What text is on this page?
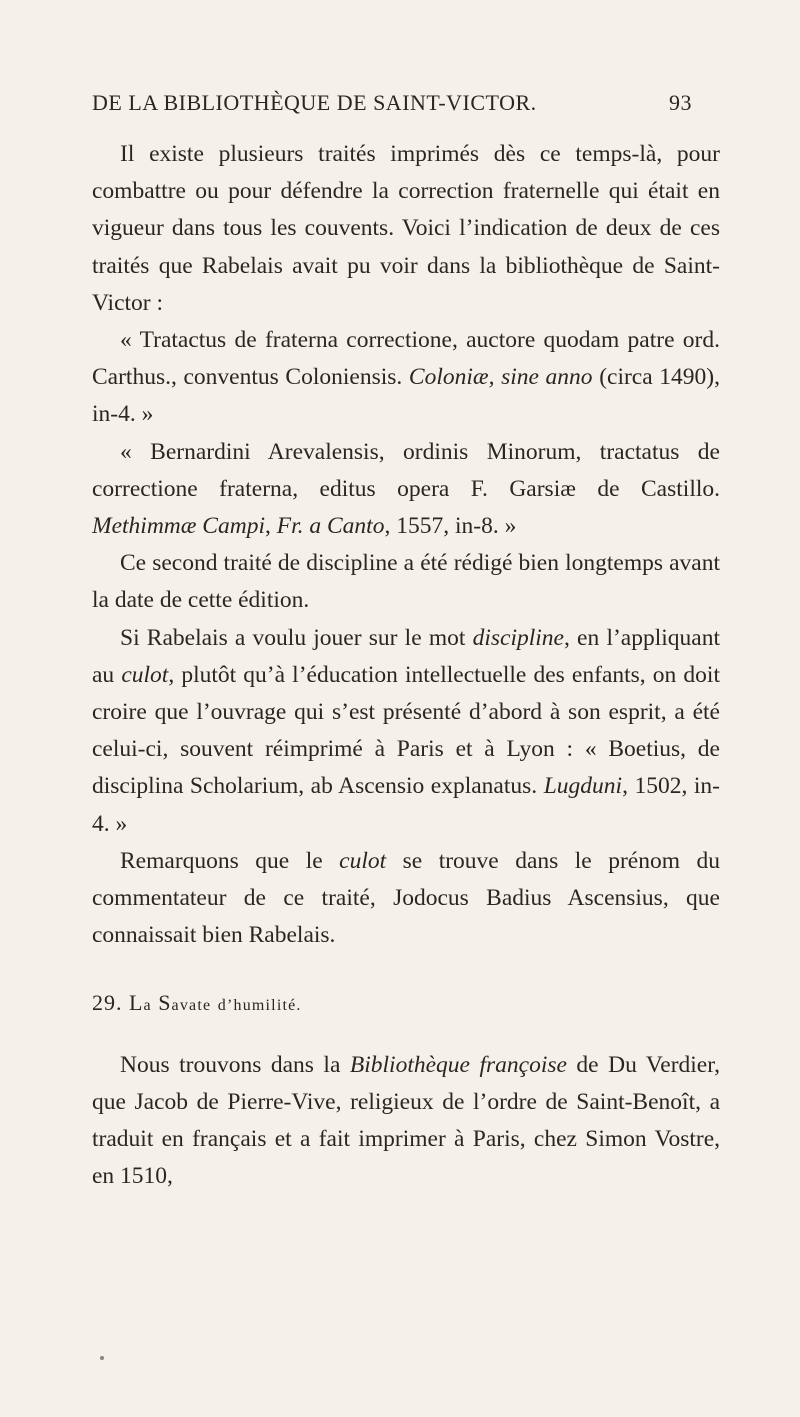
DE LA BIBLIOTHÈQUE DE SAINT-VICTOR.	93

Il existe plusieurs traités imprimés dès ce temps-là, pour combattre ou pour défendre la correction fraternelle qui était en vigueur dans tous les couvents. Voici l’indication de deux de ces traités que Rabelais avait pu voir dans la bibliothèque de Saint-Victor :

« Tratactus de fraterna correctione, auctore quodam patre ord. Carthus., conventus Coloniensis. Coloniæ, sine anno (circa 1490), in-4. »

« Bernardini Arevalensis, ordinis Minorum, tractatus de correctione fraterna, editus opera F. Garsiæ de Castillo. Methimmæ Campi, Fr. a Canto, 1557, in-8. »

Ce second traité de discipline a été rédigé bien longtemps avant la date de cette édition.

Si Rabelais a voulu jouer sur le mot discipline, en l’appliquant au culot, plutôt qu’à l’éducation intellectuelle des enfants, on doit croire que l’ouvrage qui s’est présenté d’abord à son esprit, a été celui-ci, souvent réimprimé à Paris et à Lyon : « Boetius, de disciplina Scholarium, ab Ascensio explanatus. Lugduni, 1502, in-4. »

Remarquons que le culot se trouve dans le prénom du commentateur de ce traité, Jodocus Badius Ascensius, que connaissait bien Rabelais.

29. La Savate d’humilité.

Nous trouvons dans la Bibliothèque françoise de Du Verdier, que Jacob de Pierre-Vive, religieux de l’ordre de Saint-Benoît, a traduit en français et a fait imprimer à Paris, chez Simon Vostre, en 1510,
